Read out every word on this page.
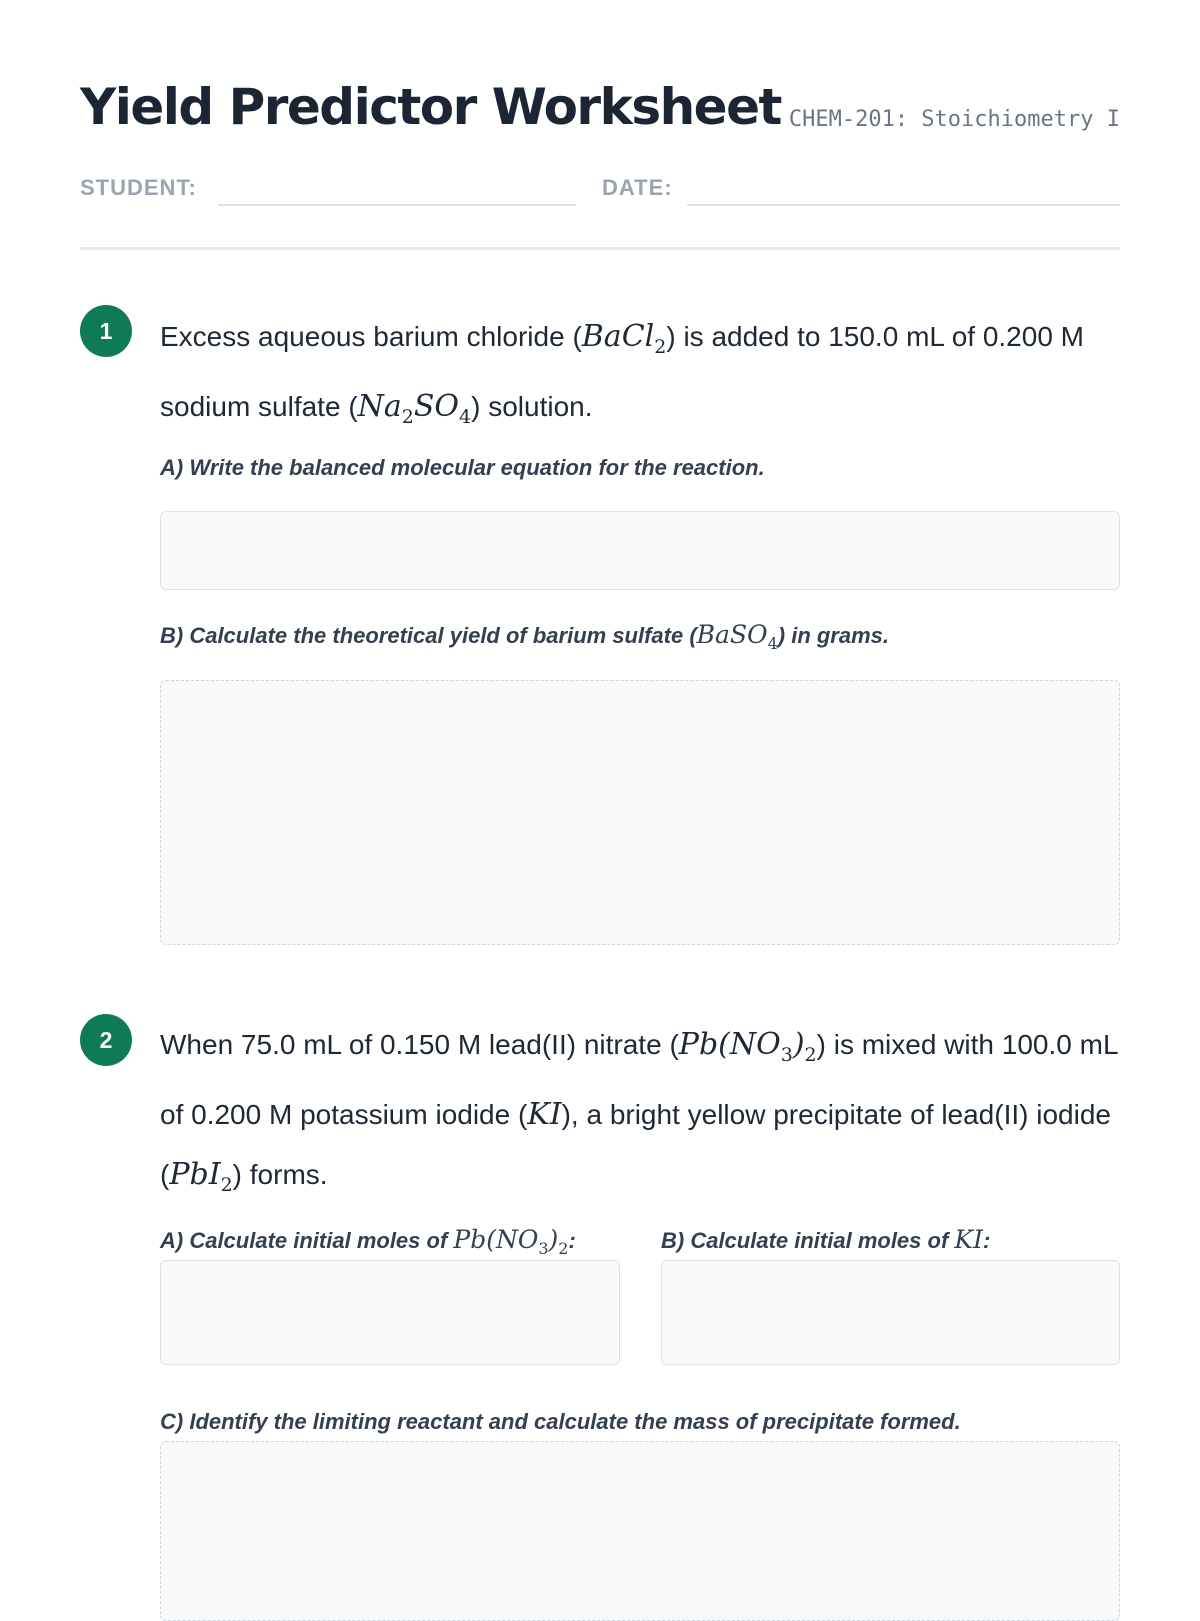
Yield Predictor Worksheet CHEM-201: Stoichiometry I
STUDENT:	DATE:
1	Excess aqueous barium chloride (BaCl$_2$) is added to 150.0 mL of 0.200 M sodium sulfate $(Na_2SO_4)$ solution.
A) Write the balanced molecular equation for the reaction.
B) Calculate the theoretical yield of barium sulfate (BaSO$_4$) in grams.
2	When 75.0 mL of 0.150 M lead(II) nitrate $(Pb(NO_3)_2)$ is mixed with 100.0 mL of 0.200 M potassium iodide (KI), a bright yellow precipitate of lead(II) iodide (PbI$_2$) forms.
A) Calculate initial moles of $Pb(NO_3)_2$:	B) Calculate initial moles of KI:
C) Identify the limiting reactant and calculate the mass of precipitate formed.
